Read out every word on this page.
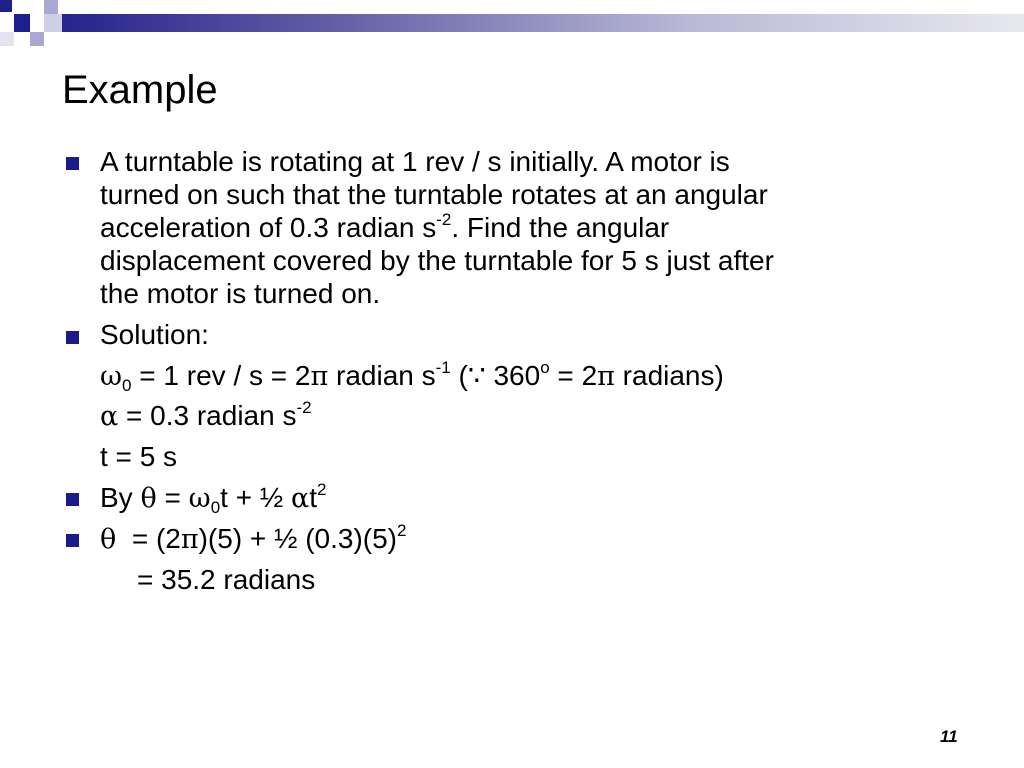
Example
A turntable is rotating at 1 rev / s initially. A motor is
turned on such that the turntable rotates at an angular
acceleration of 0.3 radian $s^{-2}$. Find the angular
displacement covered by the turntable for 5 s just after
the motor is turned on.
Solution:
$\omega_0 = 1$ rev / s = 2π radian $s^{-1}$ (∵ $360^o = 2\pi$ radians)
α = 0.3 radian $s^{-2}$
t = 5 s
By $\theta = \omega_0t$ + ½ $\alpha t^2$
θ  = (2π)(5) + ½ $(0.3)(5)^2$
= 35.2 radians
11
